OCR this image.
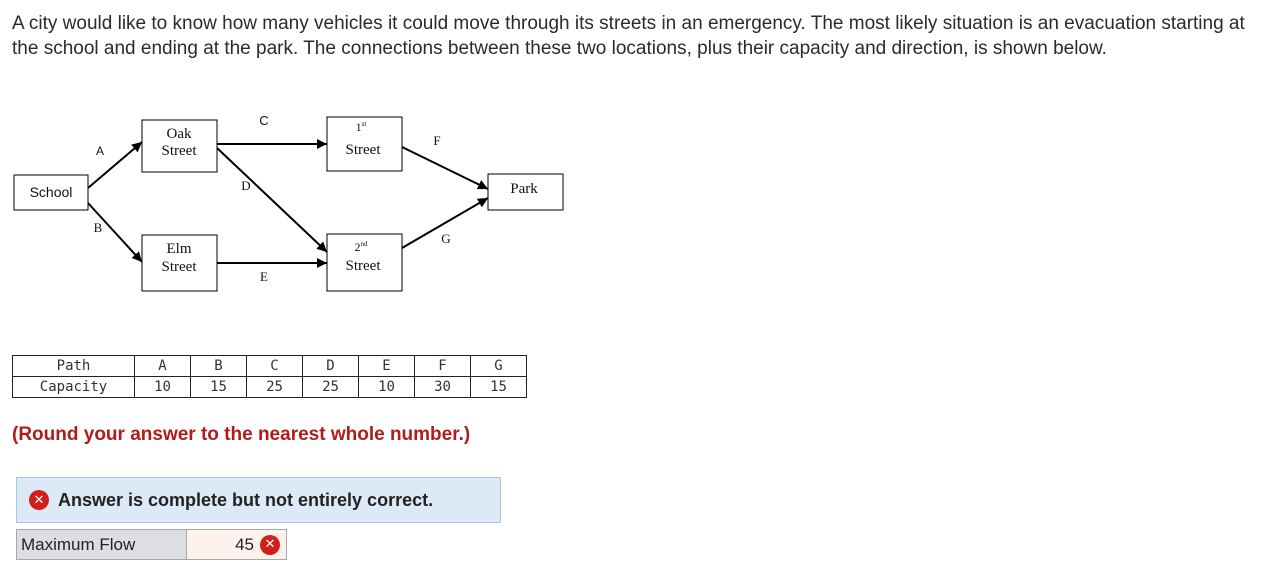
A city would like to know how many vehicles it could move through its streets in an emergency. The most likely situation is an evacuation starting at the school and ending at the park. The connections between these two locations, plus their capacity and direction, is shown below.
School
Oak
Street
Elm
Street
1st
Street
2nd
Street
Park
A
B
C
D
E
F
G
Path	A	B	C	D	E	F	G
Capacity	10	15	25	25	10	30	15
(Round your answer to the nearest whole number.)
✕ Answer is complete but not entirely correct.
Maximum Flow	45 ✕
